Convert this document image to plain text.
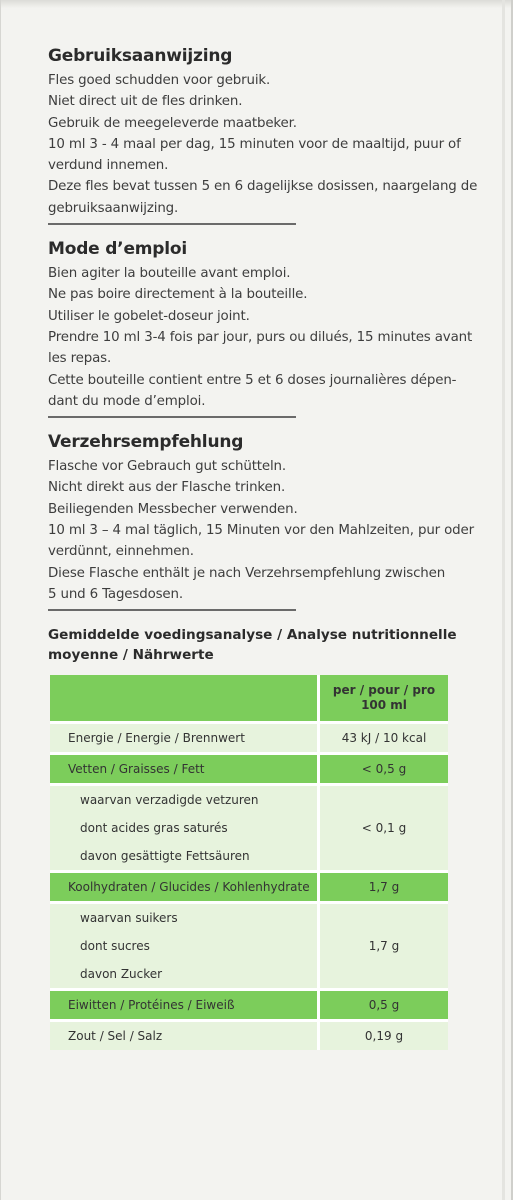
Gebruiksaanwijzing
Fles goed schudden voor gebruik.
Niet direct uit de fles drinken.
Gebruik de meegeleverde maatbeker.
10 ml 3 - 4 maal per dag, 15 minuten voor de maaltijd, puur of
verdund innemen.
Deze fles bevat tussen 5 en 6 dagelijkse dosissen, naargelang de
gebruiksaanwijzing.
Mode d’emploi
Bien agiter la bouteille avant emploi.
Ne pas boire directement à la bouteille.
Utiliser le gobelet-doseur joint.
Prendre 10 ml 3-4 fois par jour, purs ou dilués, 15 minutes avant
les repas.
Cette bouteille contient entre 5 et 6 doses journalières dépen-
dant du mode d’emploi.
Verzehrsempfehlung
Flasche vor Gebrauch gut schütteln.
Nicht direkt aus der Flasche trinken.
Beiliegenden Messbecher verwenden.
10 ml 3 – 4 mal täglich, 15 Minuten vor den Mahlzeiten, pur oder
verdünnt, einnehmen.
Diese Flasche enthält je nach Verzehrsempfehlung zwischen
5 und 6 Tagesdosen.
Gemiddelde voedingsanalyse / Analyse nutritionnelle
moyenne / Nährwerte

	per / pour / pro
100 ml

Energie / Energie / Brennwert	43 kJ / 10 kcal
Vetten / Graisses / Fett	< 0,5 g
waarvan verzadigde vetzuren	< 0,1 g
dont acides gras saturés	
davon gesättigte Fettsäuren	
Koolhydraten / Glucides / Kohlenhydrate	1,7 g
waarvan suikers	1,7 g
dont sucres	
davon Zucker	
Eiwitten / Protéines / Eiweiß	0,5 g
Zout / Sel / Salz	0,19 g
